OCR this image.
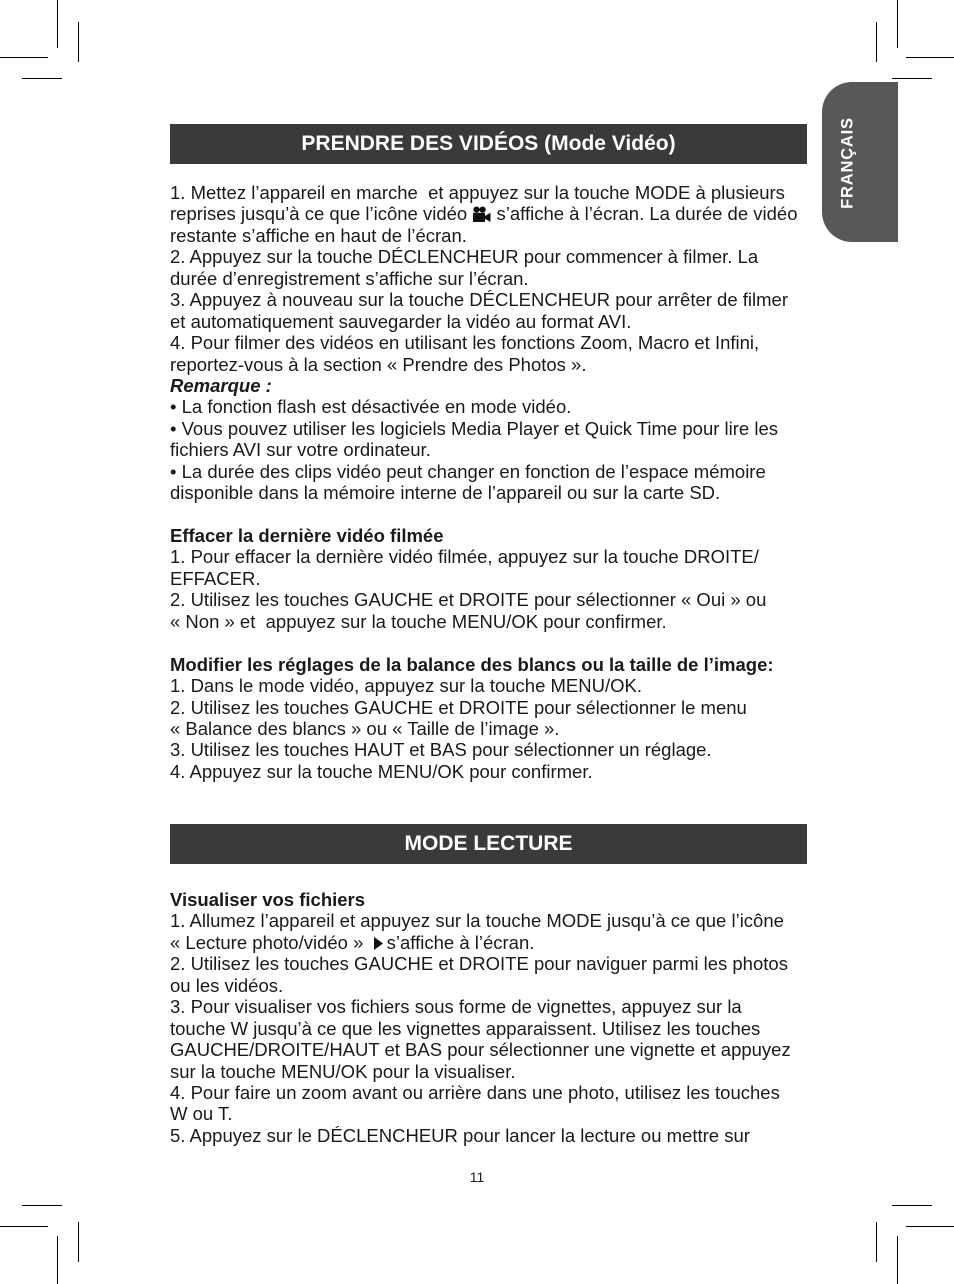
FRANÇAIS
PRENDRE DES VIDÉOS (Mode Vidéo)
1. Mettez l’appareil en marche  et appuyez sur la touche MODE à plusieurs
reprises jusqu’à ce que l’icône vidéo
s’affiche à l’écran. La durée de vidéo
restante s’affiche en haut de l’écran.
2. Appuyez sur la touche DÉCLENCHEUR pour commencer à filmer. La
durée d’enregistrement s’affiche sur l’écran.
3. Appuyez à nouveau sur la touche DÉCLENCHEUR pour arrêter de filmer
et automatiquement sauvegarder la vidéo au format AVI.
4. Pour filmer des vidéos en utilisant les fonctions Zoom, Macro et Infini,
reportez-vous à la section « Prendre des Photos ».
Remarque :
• La fonction flash est désactivée en mode vidéo.
• Vous pouvez utiliser les logiciels Media Player et Quick Time pour lire les
fichiers AVI sur votre ordinateur.
• La durée des clips vidéo peut changer en fonction de l’espace mémoire
disponible dans la mémoire interne de l’appareil ou sur la carte SD.
Effacer la dernière vidéo filmée
1. Pour effacer la dernière vidéo filmée, appuyez sur la touche DROITE/
EFFACER.
2. Utilisez les touches GAUCHE et DROITE pour sélectionner « Oui » ou
« Non » et  appuyez sur la touche MENU/OK pour confirmer.
Modifier les réglages de la balance des blancs ou la taille de l’image:
1. Dans le mode vidéo, appuyez sur la touche MENU/OK.
2. Utilisez les touches GAUCHE et DROITE pour sélectionner le menu
« Balance des blancs » ou « Taille de l’image ».
3. Utilisez les touches HAUT et BAS pour sélectionner un réglage.
4. Appuyez sur la touche MENU/OK pour confirmer.
MODE LECTURE
Visualiser vos fichiers
1. Allumez l’appareil et appuyez sur la touche MODE jusqu’à ce que l’icône
« Lecture photo/vidéo »
s’affiche à l’écran.
2. Utilisez les touches GAUCHE et DROITE pour naviguer parmi les photos
ou les vidéos.
3. Pour visualiser vos fichiers sous forme de vignettes, appuyez sur la
touche W jusqu’à ce que les vignettes apparaissent. Utilisez les touches
GAUCHE/DROITE/HAUT et BAS pour sélectionner une vignette et appuyez
sur la touche MENU/OK pour la visualiser.
4. Pour faire un zoom avant ou arrière dans une photo, utilisez les touches
W ou T.
5. Appuyez sur le DÉCLENCHEUR pour lancer la lecture ou mettre sur
11
